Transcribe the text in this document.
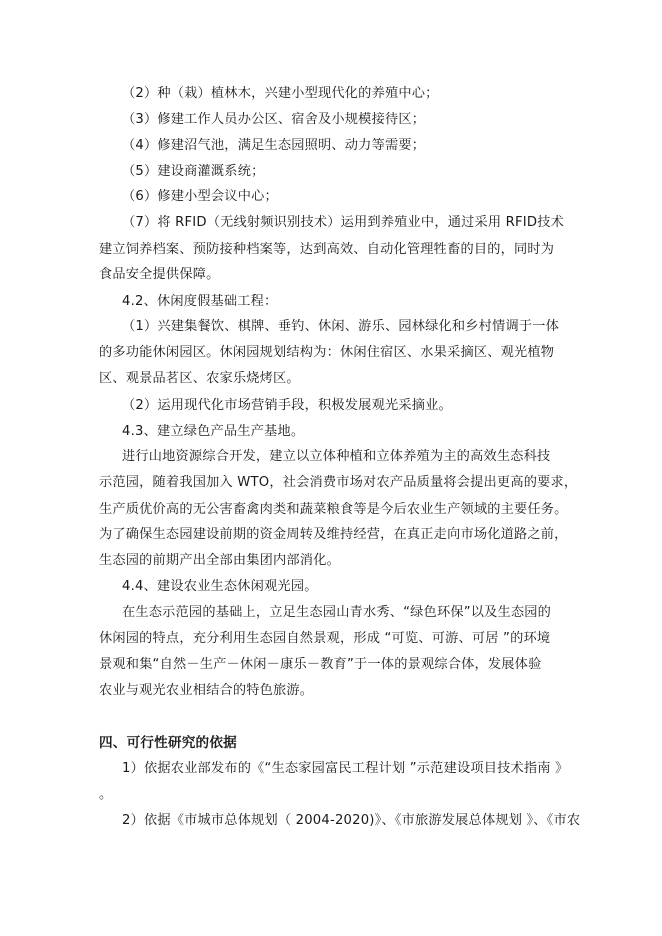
（2）种（栽）植林木，兴建小型现代化的养殖中心；
（3）修建工作人员办公区、宿舍及小规模接待区；
（4）修建沼气池，满足生态园照明、动力等需要；
（5）建设商灌溉系统；
（6）修建小型会议中心；
（7）将 RFID（无线射频识别技术）运用到养殖业中，通过采用 RFID技术
建立饲养档案、预防接种档案等，达到高效、自动化管理牲畜的目的，同时为
食品安全提供保障。
4.2、休闲度假基础工程：
（1）兴建集餐饮、棋牌、垂钓、休闲、游乐、园林绿化和乡村情调于一体
的多功能休闲园区。休闲园规划结构为：休闲住宿区、水果采摘区、观光植物
区、观景品茗区、农家乐烧烤区。
（2）运用现代化市场营销手段，积极发展观光采摘业。
4.3、建立绿色产品生产基地。
进行山地资源综合开发，建立以立体种植和立体养殖为主的高效生态科技
示范园，随着我国加入 WTO，社会消费市场对农产品质量将会提出更高的要求，
生产质优价高的无公害畜禽肉类和蔬菜粮食等是今后农业生产领域的主要任务。
为了确保生态园建设前期的资金周转及维持经营，在真正走向市场化道路之前，
生态园的前期产出全部由集团内部消化。
4.4、建设农业生态休闲观光园。
在生态示范园的基础上，立足生态园山青水秀、“绿色环保”以及生态园的
休闲园的特点，充分利用生态园自然景观，形成 “可览、可游、可居 ”的环境
景观和集“自然－生产－休闲－康乐－教育”于一体的景观综合体，发展体验
农业与观光农业相结合的特色旅游。
四、可行性研究的依据
1）依据农业部发布的《“生态家园富民工程计划 ”示范建设项目技术指南 》
。
2）依据《市城市总体规划（ 2004-2020)》、《市旅游发展总体规划 》、《市农
